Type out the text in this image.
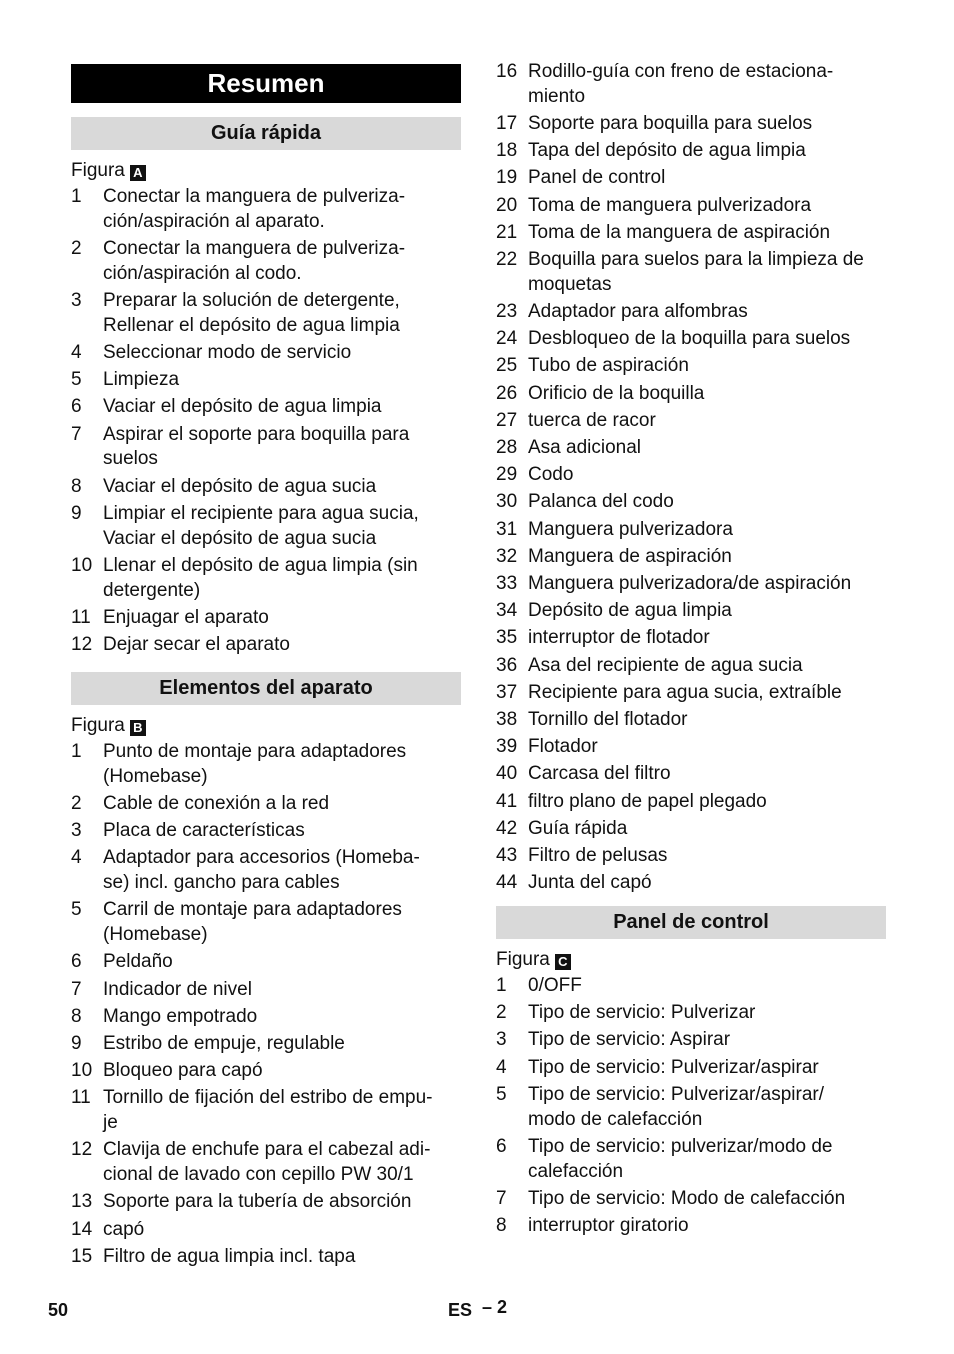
Resumen
Guía rápida
Elementos del aparato
Panel de control
Figura A
Figura B
Figura C
1	Conectar la manguera de pulveriza-
ción/aspiración al aparato.
2	Conectar la manguera de pulveriza-
ción/aspiración al codo.
3	Preparar la solución de detergente,
Rellenar el depósito de agua limpia
4	Seleccionar modo de servicio
5	Limpieza
6	Vaciar el depósito de agua limpia
7	Aspirar el soporte para boquilla para
suelos
8	Vaciar el depósito de agua sucia
9	Limpiar el recipiente para agua sucia,
Vaciar el depósito de agua sucia
10 Llenar el depósito de agua limpia (sin
detergente)
11 Enjuagar el aparato
12 Dejar secar el aparato
1	Punto de montaje para adaptadores
(Homebase)
2	Cable de conexión a la red
3	Placa de características
4	Adaptador para accesorios (Homeba-
se) incl. gancho para cables
5	Carril de montaje para adaptadores
(Homebase)
6	Peldaño
7	Indicador de nivel
8	Mango empotrado
9	Estribo de empuje, regulable
10 Bloqueo para capó
11 Tornillo de fijación del estribo de empu-
je
12 Clavija de enchufe para el cabezal adi-
cional de lavado con cepillo PW 30/1
13 Soporte para la tubería de absorción
14 capó
15 Filtro de agua limpia incl. tapa
16 Rodillo-guía con freno de estaciona-
miento
17 Soporte para boquilla para suelos
18 Tapa del depósito de agua limpia
19 Panel de control
20 Toma de manguera pulverizadora
21 Toma de la manguera de aspiración
22 Boquilla para suelos para la limpieza de
moquetas
23 Adaptador para alfombras
24 Desbloqueo de la boquilla para suelos
25 Tubo de aspiración
26 Orificio de la boquilla
27 tuerca de racor
28 Asa adicional
29 Codo
30 Palanca del codo
31 Manguera pulverizadora
32 Manguera de aspiración
33 Manguera pulverizadora/de aspiración
34 Depósito de agua limpia
35 interruptor de flotador
36 Asa del recipiente de agua sucia
37 Recipiente para agua sucia, extraíble
38 Tornillo del flotador
39 Flotador
40 Carcasa del filtro
41 filtro plano de papel plegado
42 Guía rápida
43 Filtro de pelusas
44 Junta del capó
1	0/OFF
2	Tipo de servicio: Pulverizar
3	Tipo de servicio: Aspirar
4	Tipo de servicio: Pulverizar/aspirar
5	Tipo de servicio: Pulverizar/aspirar/
modo de calefacción
6	Tipo de servicio: pulverizar/modo de
calefacción
7	Tipo de servicio: Modo de calefacción
8	interruptor giratorio
50	ES – 2
